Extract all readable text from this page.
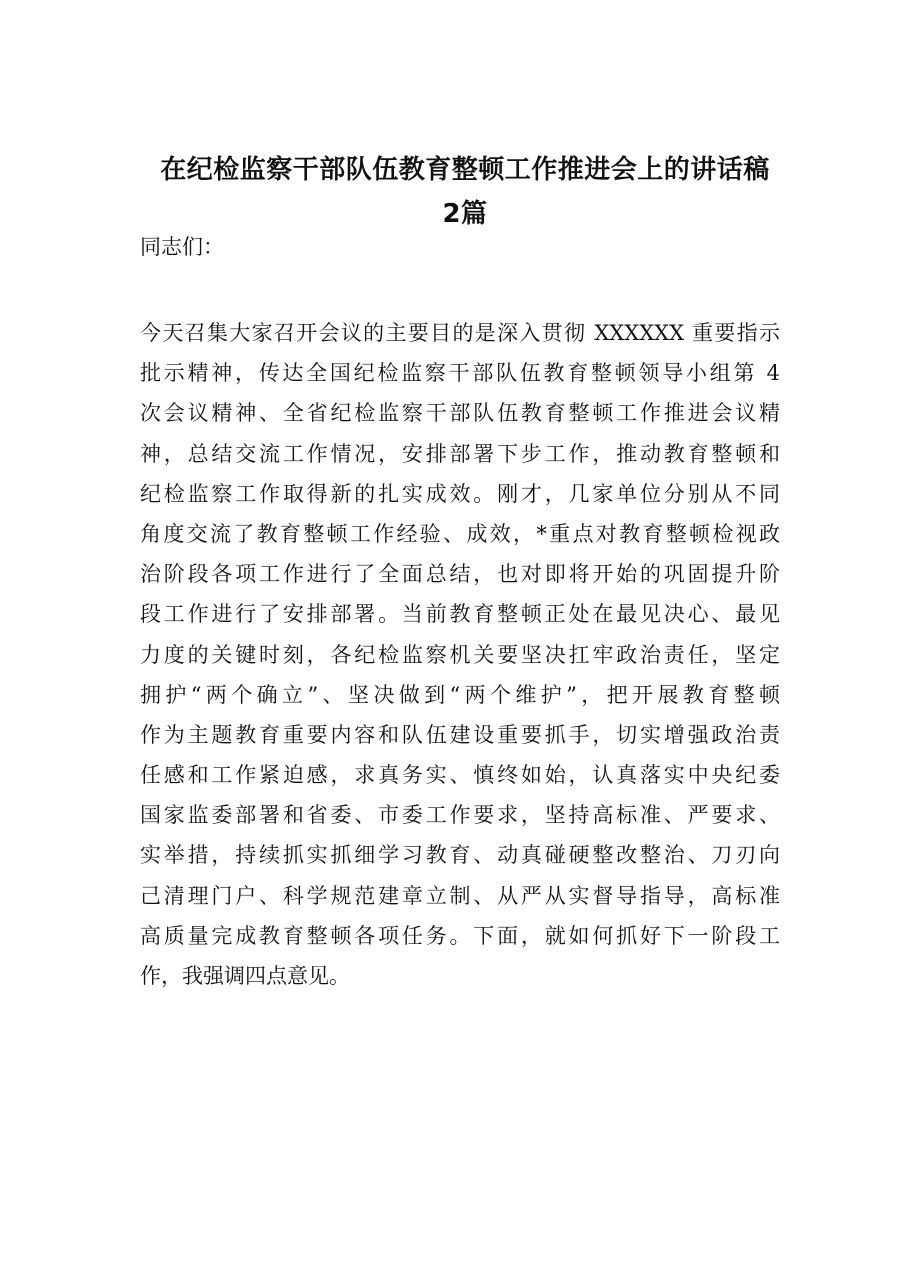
在纪检监察干部队伍教育整顿工作推进会上的讲话稿
2篇

同志们：

今天召集大家召开会议的主要目的是深入贯彻 XXXXXX 重要指示
批示精神，传达全国纪检监察干部队伍教育整顿领导小组第 4
次会议精神、全省纪检监察干部队伍教育整顿工作推进会议精
神，总结交流工作情况，安排部署下步工作，推动教育整顿和
纪检监察工作取得新的扎实成效。刚才，几家单位分别从不同
角度交流了教育整顿工作经验、成效，*重点对教育整顿检视政
治阶段各项工作进行了全面总结，也对即将开始的巩固提升阶
段工作进行了安排部署。当前教育整顿正处在最见决心、最见
力度的关键时刻，各纪检监察机关要坚决扛牢政治责任，坚定
拥护“两个确立”、坚决做到“两个维护”，把开展教育整顿
作为主题教育重要内容和队伍建设重要抓手，切实增强政治责
任感和工作紧迫感，求真务实、慎终如始，认真落实中央纪委
国家监委部署和省委、市委工作要求，坚持高标准、严要求、
实举措，持续抓实抓细学习教育、动真碰硬整改整治、刀刃向
己清理门户、科学规范建章立制、从严从实督导指导，高标准
高质量完成教育整顿各项任务。下面，就如何抓好下一阶段工
作，我强调四点意见。
